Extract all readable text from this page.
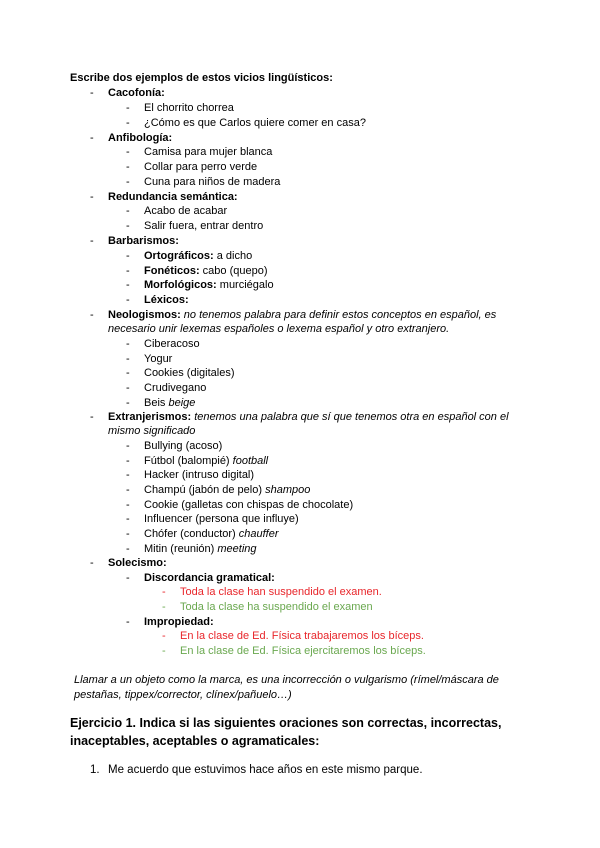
Escribe dos ejemplos de estos vicios lingüísticos:
- Cacofonía:
- El chorrito chorrea
- ¿Cómo es que Carlos quiere comer en casa?
- Anfibología:
- Camisa para mujer blanca
- Collar para perro verde
- Cuna para niños de madera
- Redundancia semántica:
- Acabo de acabar
- Salir fuera, entrar dentro
- Barbarismos:
- Ortográficos: a dicho
- Fonéticos: cabo (quepo)
- Morfológicos: murciégalo
- Léxicos:
- Neologismos: no tenemos palabra para definir estos conceptos en español, es
necesario unir lexemas españoles o lexema español y otro extranjero.
- Ciberacoso
- Yogur
- Cookies (digitales)
- Crudivegano
- Beis beige
- Extranjerismos: tenemos una palabra que sí que tenemos otra en español con el
mismo significado
- Bullying (acoso)
- Fútbol (balompié) football
- Hacker (intruso digital)
- Champú (jabón de pelo) shampoo
- Cookie (galletas con chispas de chocolate)
- Influencer (persona que influye)
- Chófer (conductor) chauffer
- Mitin (reunión) meeting
- Solecismo:
- Discordancia gramatical:
- Toda la clase han suspendido el examen.
- Toda la clase ha suspendido el examen
- Impropiedad:
- En la clase de Ed. Física trabajaremos los bíceps.
- En la clase de Ed. Física ejercitaremos los bíceps.
Llamar a un objeto como la marca, es una incorrección o vulgarismo (rímel/máscara de
pestañas, tippex/corrector, clínex/pañuelo…)
Ejercicio 1. Indica si las siguientes oraciones son correctas, incorrectas,
inaceptables, aceptables o agramaticales:
1. Me acuerdo que estuvimos hace años en este mismo parque.
